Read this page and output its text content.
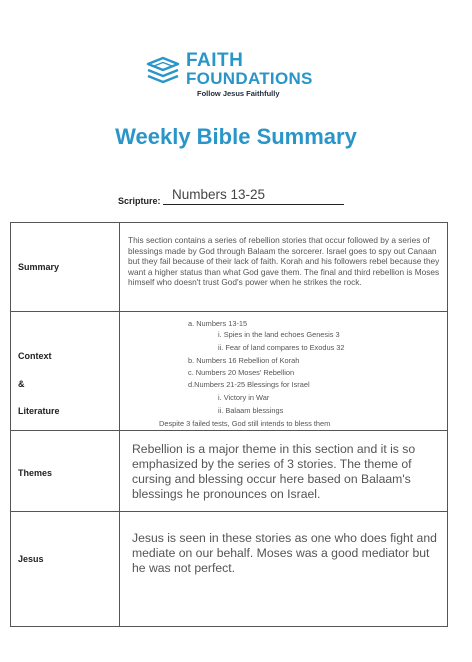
FAITH
FOUNDATIONS
Follow Jesus Faithfully
Weekly Bible Summary
Scripture: Numbers 13-25
Summary
This section contains a series of rebellion stories that occur followed by a series of blessings made by God through Balaam the sorcerer. Israel goes to spy out Canaan but they fail because of their lack of faith. Korah and his followers rebel because they want a higher status than what God gave them. The final and third rebellion is Moses himself who doesn't trust God's power when he strikes the rock.
Context
&
Literature
a. Numbers 13-15
i. Spies in the land echoes Genesis 3
ii. Fear of land compares to Exodus 32
b. Numbers 16 Rebellion of Korah
c. Numbers 20 Moses' Rebellion
d.Numbers 21-25 Blessings for Israel
i. Victory in War
ii. Balaam blessings
Despite 3 failed tests, God still intends to bless them
Themes
Rebellion is a major theme in this section and it is so emphasized by the series of 3 stories. The theme of cursing and blessing occur here based on Balaam's blessings he pronounces on Israel.
Jesus
Jesus is seen in these stories as one who does fight and mediate on our behalf. Moses was a good mediator but he was not perfect.
